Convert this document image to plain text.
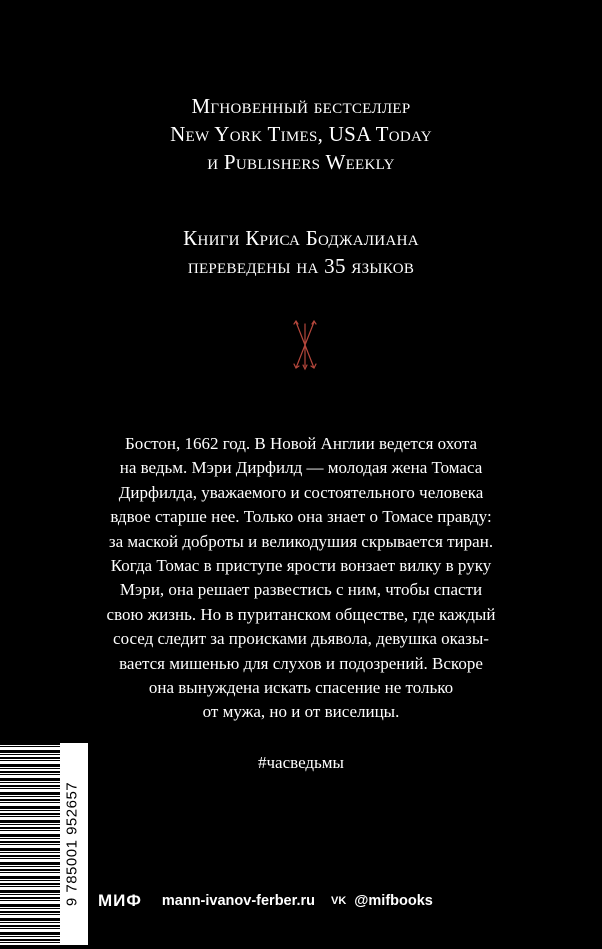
Мгновенный бестселлер
New York Times, USA Today
и Publishers Weekly
Книги Криса Боджалиана
переведены на 35 языков
Бостон, 1662 год. В Новой Англии ведется охота
на ведьм. Мэри Дирфилд — молодая жена Томаса
Дирфилда, уважаемого и состоятельного человека
вдвое старше нее. Только она знает о Томасе правду:
за маской доброты и великодушия скрывается тиран.
Когда Томас в приступе ярости вонзает вилку в руку
Мэри, она решает развестись с ним, чтобы спасти
свою жизнь. Но в пуританском обществе, где каждый
сосед следит за происками дьявола, девушка оказы-
вается мишенью для слухов и подозрений. Вскоре
она вынуждена искать спасение не только
от мужа, но и от виселицы.
#часведьмы
9 785001 952657 МИФ mann-ivanov-ferber.ru VK @mifbooks
